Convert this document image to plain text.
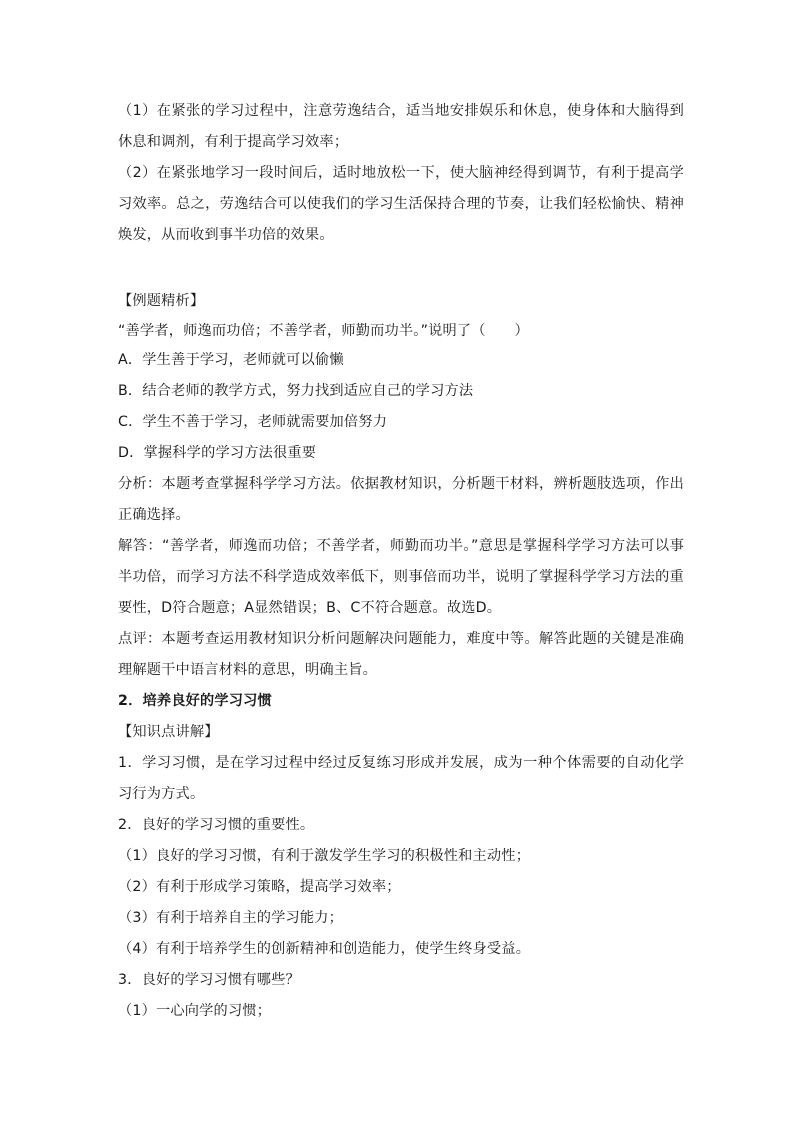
（1）在紧张的学习过程中，注意劳逸结合，适当地安排娱乐和休息，使身体和大脑得到休息和调剂，有利于提高学习效率；

（2）在紧张地学习一段时间后，适时地放松一下，使大脑神经得到调节，有利于提高学习效率。总之，劳逸结合可以使我们的学习生活保持合理的节奏，让我们轻松愉快、精神焕发，从而收到事半功倍的效果。

【例题精析】

“善学者，师逸而功倍；不善学者，师勤而功半。”说明了（　　）

A．学生善于学习，老师就可以偷懒

B．结合老师的教学方式，努力找到适应自己的学习方法

C．学生不善于学习，老师就需要加倍努力

D．掌握科学的学习方法很重要

分析：本题考查掌握科学学习方法。依据教材知识，分析题干材料，辨析题肢选项，作出正确选择。

解答：“善学者，师逸而功倍；不善学者，师勤而功半。”意思是掌握科学学习方法可以事半功倍，而学习方法不科学造成效率低下，则事倍而功半，说明了掌握科学学习方法的重要性，D符合题意；A显然错误；B、C不符合题意。故选D。

点评：本题考查运用教材知识分析问题解决问题能力，难度中等。解答此题的关键是准确理解题干中语言材料的意思，明确主旨。

2．培养良好的学习习惯

【知识点讲解】

1．学习习惯，是在学习过程中经过反复练习形成并发展，成为一种个体需要的自动化学习行为方式。

2．良好的学习习惯的重要性。

（1）良好的学习习惯，有利于激发学生学习的积极性和主动性；

（2）有利于形成学习策略，提高学习效率；

（3）有利于培养自主的学习能力；

（4）有利于培养学生的创新精神和创造能力，使学生终身受益。

3．良好的学习习惯有哪些？

（1）一心向学的习惯；
